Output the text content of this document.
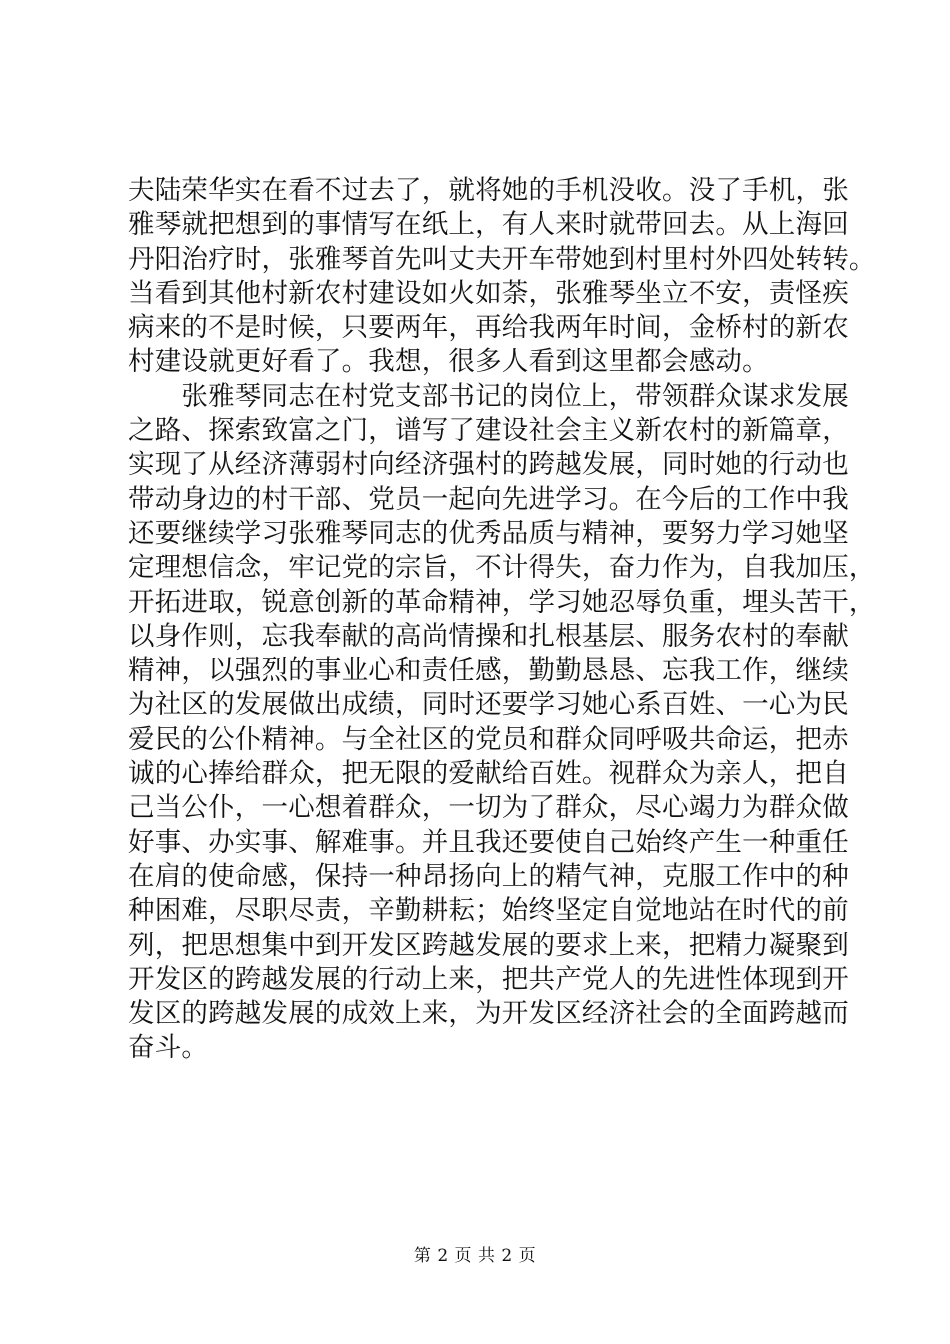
夫陆荣华实在看不过去了，就将她的手机没收。没了手机，张
雅琴就把想到的事情写在纸上，有人来时就带回去。从上海回
丹阳治疗时，张雅琴首先叫丈夫开车带她到村里村外四处转转。
当看到其他村新农村建设如火如荼，张雅琴坐立不安，责怪疾
病来的不是时候，只要两年，再给我两年时间，金桥村的新农
村建设就更好看了。我想，很多人看到这里都会感动。
　　张雅琴同志在村党支部书记的岗位上，带领群众谋求发展
之路、探索致富之门，谱写了建设社会主义新农村的新篇章，
实现了从经济薄弱村向经济强村的跨越发展，同时她的行动也
带动身边的村干部、党员一起向先进学习。在今后的工作中我
还要继续学习张雅琴同志的优秀品质与精神，要努力学习她坚
定理想信念，牢记党的宗旨，不计得失，奋力作为，自我加压，
开拓进取，锐意创新的革命精神，学习她忍辱负重，埋头苦干，
以身作则，忘我奉献的高尚情操和扎根基层、服务农村的奉献
精神，以强烈的事业心和责任感，勤勤恳恳、忘我工作，继续
为社区的发展做出成绩，同时还要学习她心系百姓、一心为民
爱民的公仆精神。与全社区的党员和群众同呼吸共命运，把赤
诚的心捧给群众，把无限的爱献给百姓。视群众为亲人，把自
己当公仆，一心想着群众，一切为了群众，尽心竭力为群众做
好事、办实事、解难事。并且我还要使自己始终产生一种重任
在肩的使命感，保持一种昂扬向上的精气神，克服工作中的种
种困难，尽职尽责，辛勤耕耘；始终坚定自觉地站在时代的前
列，把思想集中到开发区跨越发展的要求上来，把精力凝聚到
开发区的跨越发展的行动上来，把共产党人的先进性体现到开
发区的跨越发展的成效上来，为开发区经济社会的全面跨越而
奋斗。
第 2 页 共 2 页
